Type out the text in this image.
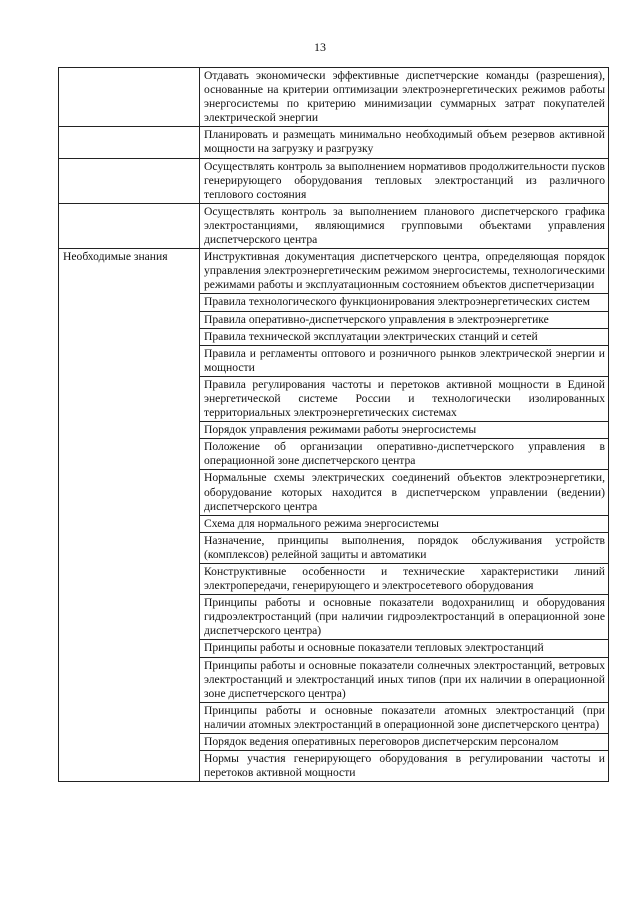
13
	Отдавать экономически эффективные диспетчерские команды (разрешения), основанные на критерии оптимизации электроэнергетических режимов работы энергосистемы по критерию минимизации суммарных затрат покупателей электрической энергии
	Планировать и размещать минимально необходимый объем резервов активной мощности на загрузку и разгрузку
	Осуществлять контроль за выполнением нормативов продолжительности пусков генерирующего оборудования тепловых электростанций из различного теплового состояния
	Осуществлять контроль за выполнением планового диспетчерского графика электростанциями, являющимися групповыми объектами управления диспетчерского центра
Необходимые знания	Инструктивная документация диспетчерского центра, определяющая порядок управления электроэнергетическим режимом энергосистемы, технологическими режимами работы и эксплуатационным состоянием объектов диспетчеризации
	Правила технологического функционирования электроэнергетических систем
	Правила оперативно-диспетчерского управления в электроэнергетике
	Правила технической эксплуатации электрических станций и сетей
	Правила и регламенты оптового и розничного рынков электрической энергии и мощности
	Правила регулирования частоты и перетоков активной мощности в Единой энергетической системе России и технологически изолированных территориальных электроэнергетических системах
	Порядок управления режимами работы энергосистемы
	Положение об организации оперативно-диспетчерского управления в операционной зоне диспетчерского центра
	Нормальные схемы электрических соединений объектов электроэнергетики, оборудование которых находится в диспетчерском управлении (ведении) диспетчерского центра
	Схема для нормального режима энергосистемы
	Назначение, принципы выполнения, порядок обслуживания устройств (комплексов) релейной защиты и автоматики
	Конструктивные особенности и технические характеристики линий электропередачи, генерирующего и электросетевого оборудования
	Принципы работы и основные показатели водохранилищ и оборудования гидроэлектростанций (при наличии гидроэлектростанций в операционной зоне диспетчерского центра)
	Принципы работы и основные показатели тепловых электростанций
	Принципы работы и основные показатели солнечных электростанций, ветровых электростанций и электростанций иных типов (при их наличии в операционной зоне диспетчерского центра)
	Принципы работы и основные показатели атомных электростанций (при наличии атомных электростанций в операционной зоне диспетчерского центра)
	Порядок ведения оперативных переговоров диспетчерским персоналом
	Нормы участия генерирующего оборудования в регулировании частоты и перетоков активной мощности
